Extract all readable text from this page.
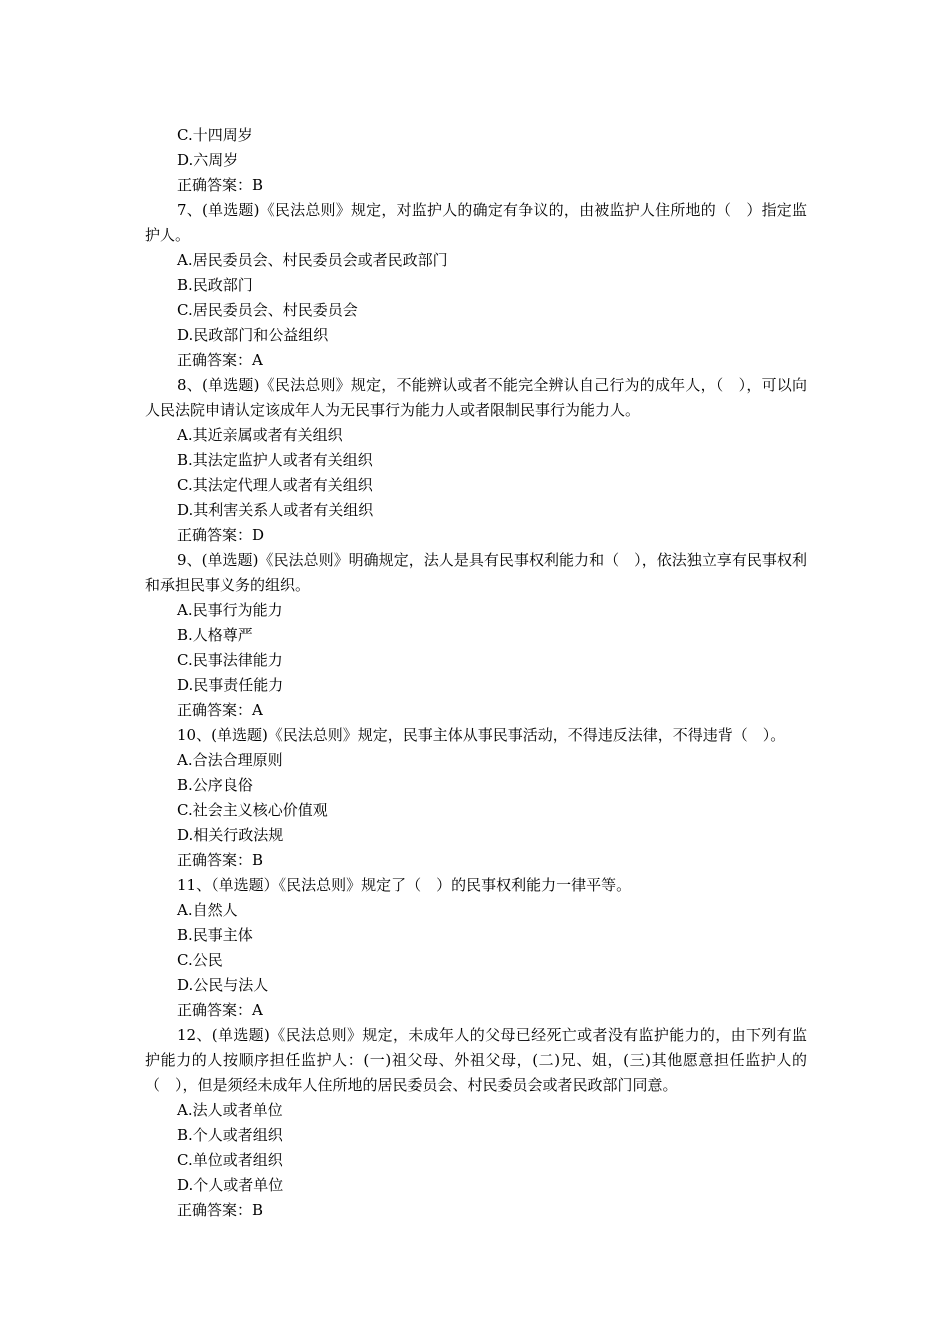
C.十四周岁

D.六周岁

正确答案：B

7、(单选题)《民法总则》规定，对监护人的确定有争议的，由被监护人住所地的（　）指定监护人。

A.居民委员会、村民委员会或者民政部门

B.民政部门

C.居民委员会、村民委员会

D.民政部门和公益组织

正确答案：A

8、(单选题)《民法总则》规定，不能辨认或者不能完全辨认自己行为的成年人，（　），可以向人民法院申请认定该成年人为无民事行为能力人或者限制民事行为能力人。

A.其近亲属或者有关组织

B.其法定监护人或者有关组织

C.其法定代理人或者有关组织

D.其利害关系人或者有关组织

正确答案：D

9、(单选题)《民法总则》明确规定，法人是具有民事权利能力和（　），依法独立享有民事权利和承担民事义务的组织。

A.民事行为能力

B.人格尊严

C.民事法律能力

D.民事责任能力

正确答案：A

10、(单选题)《民法总则》规定，民事主体从事民事活动，不得违反法律，不得违背（　）。

A.合法合理原则

B.公序良俗

C.社会主义核心价值观

D.相关行政法规

正确答案：B

11、（单选题）《民法总则》规定了（　）的民事权利能力一律平等。

A.自然人

B.民事主体

C.公民

D.公民与法人

正确答案：A

12、(单选题)《民法总则》规定，未成年人的父母已经死亡或者没有监护能力的，由下列有监护能力的人按顺序担任监护人：(一)祖父母、外祖父母，(二)兄、姐，(三)其他愿意担任监护人的（　），但是须经未成年人住所地的居民委员会、村民委员会或者民政部门同意。

A.法人或者单位

B.个人或者组织

C.单位或者组织

D.个人或者单位

正确答案：B
